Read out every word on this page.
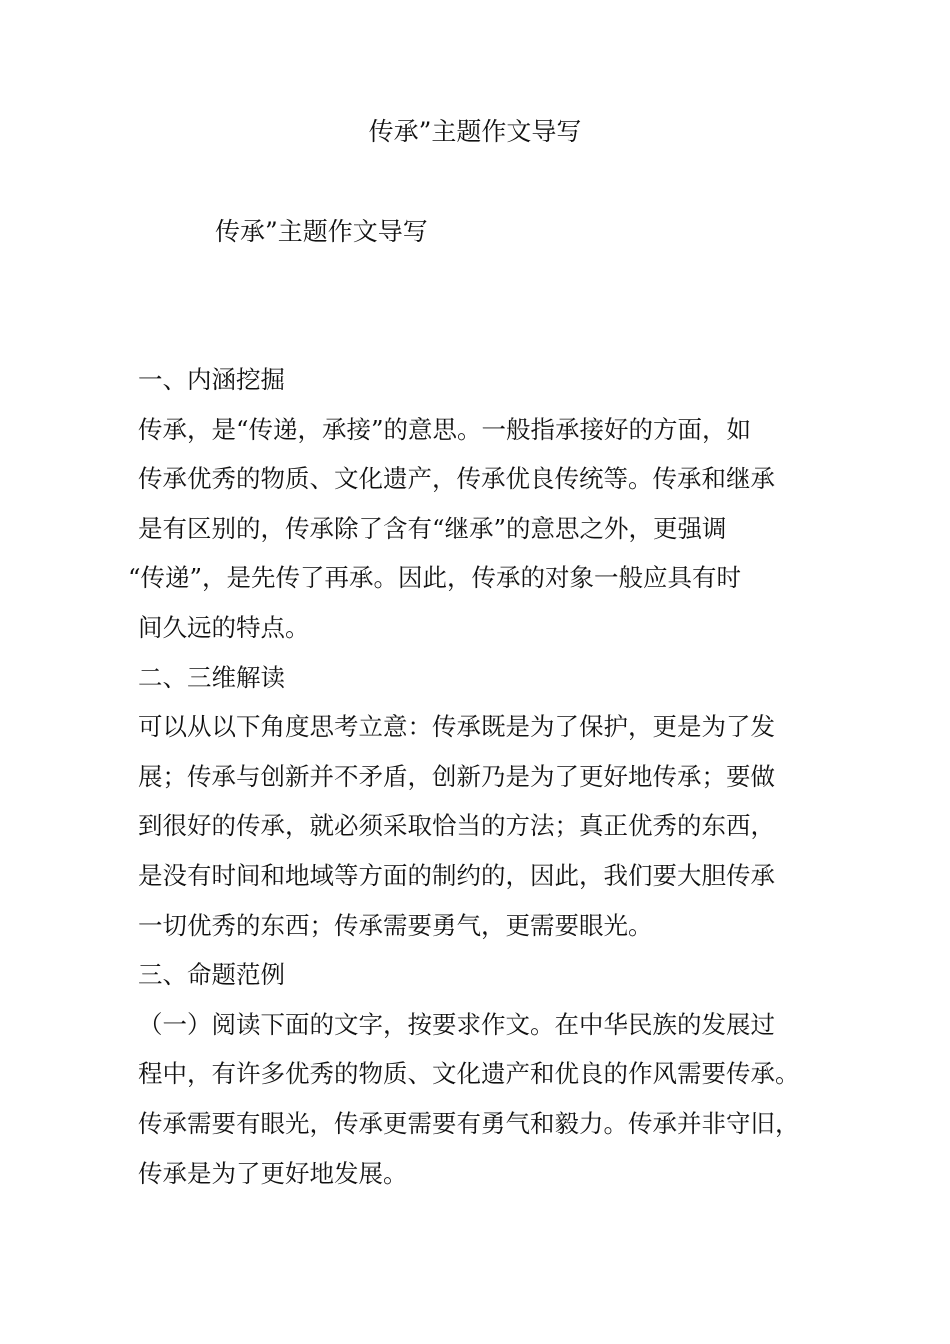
传承”主题作文导写
传承”主题作文导写

一、内涵挖掘

传承，是“传递，承接”的意思。一般指承接好的方面，如

传承优秀的物质、文化遗产，传承优良传统等。传承和继承

是有区别的，传承除了含有“继承”的意思之外，更强调

“传递”，是先传了再承。因此，传承的对象一般应具有时

间久远的特点。

二、三维解读

可以从以下角度思考立意：传承既是为了保护，更是为了发

展；传承与创新并不矛盾，创新乃是为了更好地传承；要做

到很好的传承，就必须采取恰当的方法；真正优秀的东西，

是没有时间和地域等方面的制约的，因此，我们要大胆传承

一切优秀的东西；传承需要勇气，更需要眼光。

三、命题范例

（一）阅读下面的文字，按要求作文。在中华民族的发展过

程中，有许多优秀的物质、文化遗产和优良的作风需要传承。

传承需要有眼光，传承更需要有勇气和毅力。传承并非守旧，

传承是为了更好地发展。
